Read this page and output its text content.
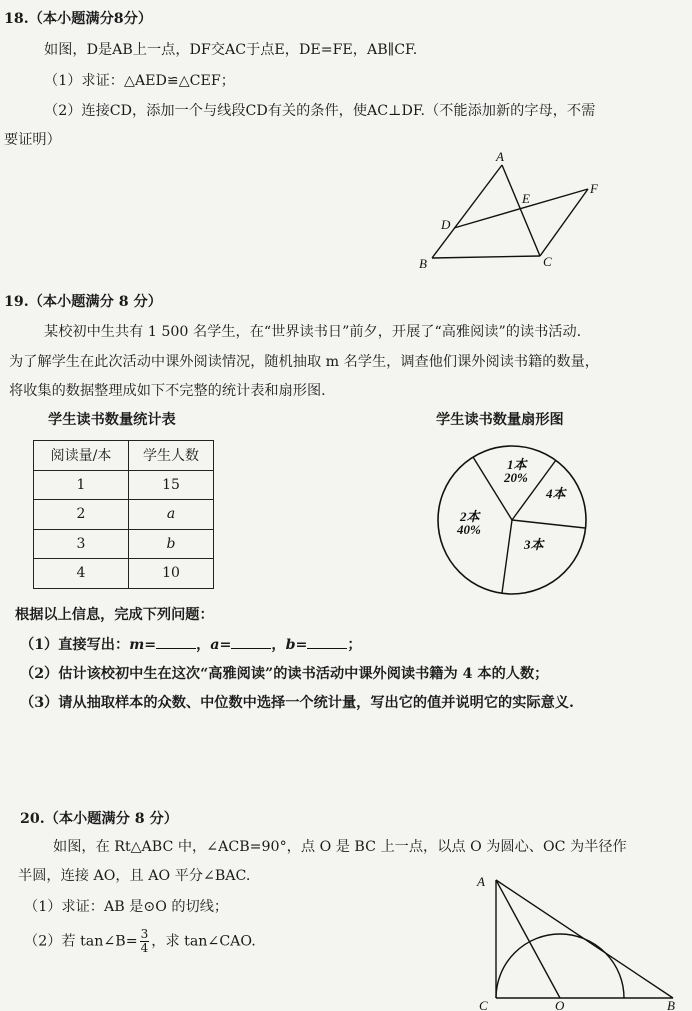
18.（本小题满分8分）
如图，D是AB上一点，DF交AC于点E，DE=FE，AB∥CF.
（1）求证：△AED≌△CEF；
（2）连接CD，添加一个与线段CD有关的条件，使AC⊥DF.（不能添加新的字母，不需
要证明）
A
B	C
D
E
F
19.（本小题满分 8 分）
某校初中生共有 1 500 名学生，在“世界读书日”前夕，开展了“高雅阅读”的读书活动.
为了解学生在此次活动中课外阅读情况，随机抽取 m 名学生，调查他们课外阅读书籍的数量，
将收集的数据整理成如下不完整的统计表和扇形图.
学生读书数量统计表	学生读书数量扇形图
阅读量/本	学生人数
1	15
2	a
3	b
4	10
1本
20%
4本
2本
40%
3本
根据以上信息，完成下列问题：
（1）直接写出：m=	，a=	，b=	；
（2）估计该校初中生在这次“高雅阅读”的读书活动中课外阅读书籍为 4 本的人数；
（3）请从抽取样本的众数、中位数中选择一个统计量，写出它的值并说明它的实际意义.
20.（本小题满分 8 分）
如图，在 Rt△ABC 中，∠ACB=90°，点 O 是 BC 上一点，以点 O 为圆心、OC 为半径作
半圆，连接 AO，且 AO 平分∠BAC.
（1）求证：AB 是⊙O 的切线；
（2）若 tan∠B= $\frac{3}{4}$ ，求 tan∠CAO.
A
C	O	B
